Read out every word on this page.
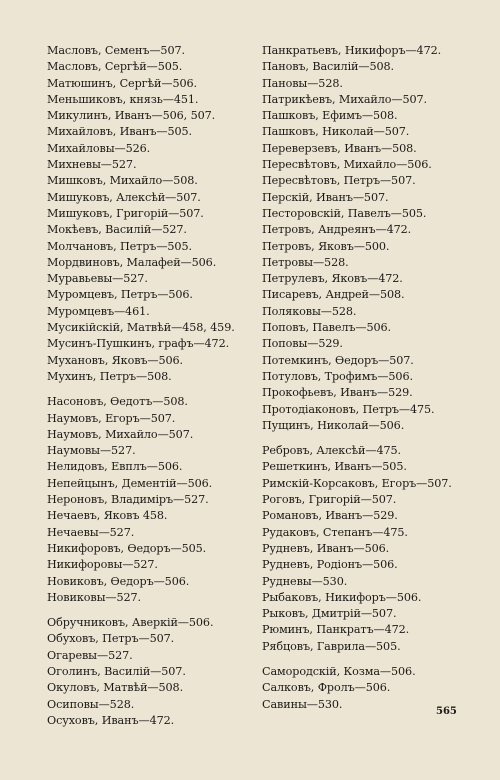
Масловъ, Семенъ—507.
Масловъ, Сергѣй—505.
Матюшинъ, Сергѣй—506.
Меньшиковъ, князь—451.
Микулинъ, Иванъ—506, 507.
Михайловъ, Иванъ—505.
Михайловы—526.
Михневы—527.
Мишковъ, Михайло—508.
Мишуковъ, Алексѣй—507.
Мишуковъ, Григорій—507.
Мокѣевъ, Василій—527.
Молчановъ, Петръ—505.
Мордвиновъ, Малафей—506.
Муравьевы—527.
Муромцевъ, Петръ—506.
Муромцевъ—461.
Мусикійскій, Матвѣй—458, 459.
Мусинъ-Пушкинъ, графъ—472.
Мухановъ, Яковъ—506.
Мухинъ, Петръ—508.
Насоновъ, Ѳедотъ—508.
Наумовъ, Егоръ—507.
Наумовъ, Михайло—507.
Наумовы—527.
Нелидовъ, Евплъ—506.
Непейцынъ, Дементій—506.
Нероновъ, Владиміръ—527.
Нечаевъ, Яковъ 458.
Нечаевы—527.
Никифоровъ, Ѳедоръ—505.
Никифоровы—527.
Новиковъ, Ѳедоръ—506.
Новиковы—527.
Обручниковъ, Аверкій—506.
Обуховъ, Петръ—507.
Огаревы—527.
Оголинъ, Василій—507.
Окуловъ, Матвѣй—508.
Осиповы—528.
Осуховъ, Иванъ—472.
Панкратьевъ, Никифоръ—472.
Пановъ, Василій—508.
Пановы—528.
Патрикѣевъ, Михайло—507.
Пашковъ, Ефимъ—508.
Пашковъ, Николай—507.
Переверзевъ, Иванъ—508.
Пересвѣтовъ, Михайло—506.
Пересвѣтовъ, Петръ—507.
Перскій, Иванъ—507.
Песторовскій, Павелъ—505.
Петровъ, Андреянъ—472.
Петровъ, Яковъ—500.
Петровы—528.
Петрулевъ, Яковъ—472.
Писаревъ, Андрей—508.
Поляковы—528.
Поповъ, Павелъ—506.
Поповы—529.
Потемкинъ, Ѳедоръ—507.
Потуловъ, Трофимъ—506.
Прокофьевъ, Иванъ—529.
Протодіаконовъ, Петръ—475.
Пущинъ, Николай—506.
Ребровъ, Алексѣй—475.
Решеткинъ, Иванъ—505.
Римскій-Корсаковъ, Егоръ—507.
Роговъ, Григорій—507.
Романовъ, Иванъ—529.
Рудаковъ, Степанъ—475.
Рудневъ, Иванъ—506.
Рудневъ, Родіонъ—506.
Рудневы—530.
Рыбаковъ, Никифоръ—506.
Рыковъ, Дмитрій—507.
Рюминъ, Панкратъ—472.
Рябцовъ, Гаврила—505.
Самородскій, Козма—506.
Салковъ, Фролъ—506.
Савины—530.
565
